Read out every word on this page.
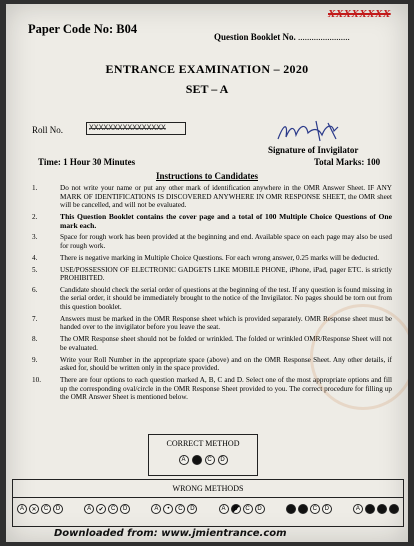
XXXXXXXX
Paper Code No: B04
Question Booklet No. .......................
ENTRANCE EXAMINATION – 2020
SET – A
Roll No.	XXXXXXXXXXXXXXXX
Signature of Invigilator
Time: 1 Hour 30 Minutes	Total Marks: 100
Instructions to Candidates
1.	Do not write your name or put any other mark of identification anywhere in the OMR Answer Sheet. IF ANY MARK OF IDENTIFICATIONS IS DISCOVERED ANYWHERE IN OMR RESPONSE SHEET, the OMR sheet will be cancelled, and will not be evaluated.
2.	This Question Booklet contains the cover page and a total of 100 Multiple Choice Questions of One mark each.
3.	Space for rough work has been provided at the beginning and end. Available space on each page may also be used for rough work.
4.	There is negative marking in Multiple Choice Questions. For each wrong answer, 0.25 marks will be deducted.
5.	USE/POSSESSION OF ELECTRONIC GADGETS LIKE MOBILE PHONE, iPhone, iPad, pager ETC. is strictly PROHIBITED.
6.	Candidate should check the serial order of questions at the beginning of the test. If any question is found missing in the serial order, it should be immediately brought to the notice of the Invigilator. No pages should be torn out from this question booklet.
7.	Answers must be marked in the OMR Response sheet which is provided separately. OMR Response sheet must be handed over to the invigilator before you leave the seat.
8.	The OMR Response sheet should not be folded or wrinkled. The folded or wrinkled OMR/Response Sheet will not be evaluated.
9.	Write your Roll Number in the appropriate space (above) and on the OMR Response Sheet. Any other details, if asked for, should be written only in the space provided.
10.	There are four options to each question marked A, B, C and D. Select one of the most appropriate options and fill up the corresponding oval/circle in the OMR Response Sheet provided to you. The correct procedure for filling up the OMR Answer Sheet is mentioned below.
CORRECT METHOD
A	B	C	D
WRONG METHODS
A	✕	C	D	A	✔	C	D	A	•	C	D	A	B	C	D	A	B	C	D	A	B	C	D
Downloaded from: www.jmientrance.com
